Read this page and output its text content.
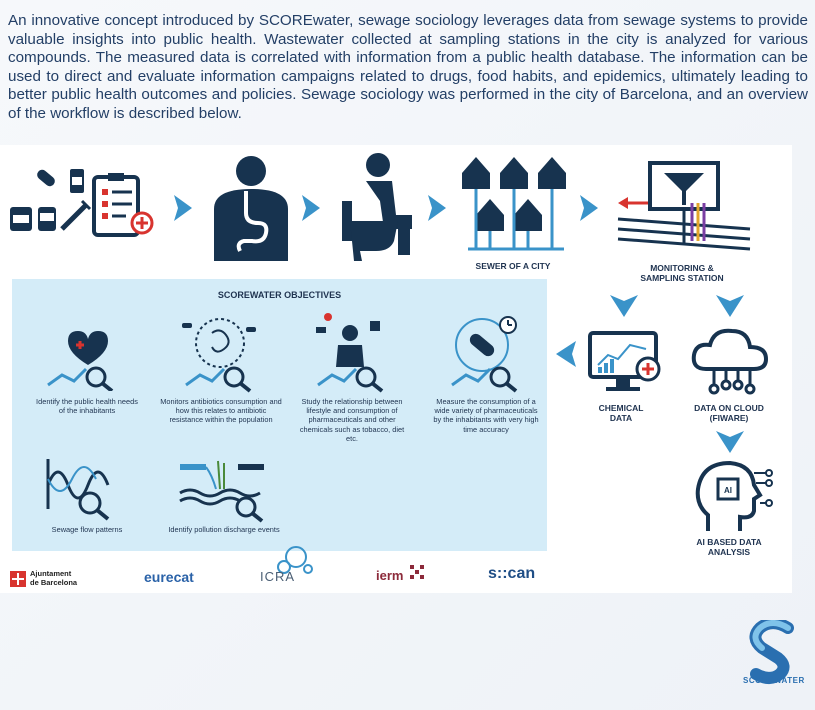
An innovative concept introduced by SCOREwater, sewage sociology leverages data from sewage systems to provide valuable insights into public health. Wastewater collected at sampling stations in the city is analyzed for various compounds. The measured data is correlated with information from a public health database. The information can be used to direct and evaluate information campaigns related to drugs, food habits, and epidemics, ultimately leading to better public health outcomes and policies. Sewage sociology was performed in the city of Barcelona, and an overview of the workflow is described below.

SEWER OF A CITY	MONITORING &
SAMPLING STATION
CHEMICAL
DATA
DATA ON CLOUD
(FIWARE)
AI
AI BASED DATA
ANALYSIS
SCOREWATER OBJECTIVES
Identify the public health needs of the inhabitants
Monitors antibiotics consumption and how this relates to antibiotic resistance within the population
Study the relationship between lifestyle and consumption of pharmaceuticals and other chemicals such as tobacco, diet etc.
Measure the consumption of a wide variety of pharmaceuticals by the inhabitants with very high time accuracy
Sewage flow patterns	Identify pollution discharge events
Ajuntament
de Barcelona	eurecat	ICRA	ierm	s::can
SCOREWATER
